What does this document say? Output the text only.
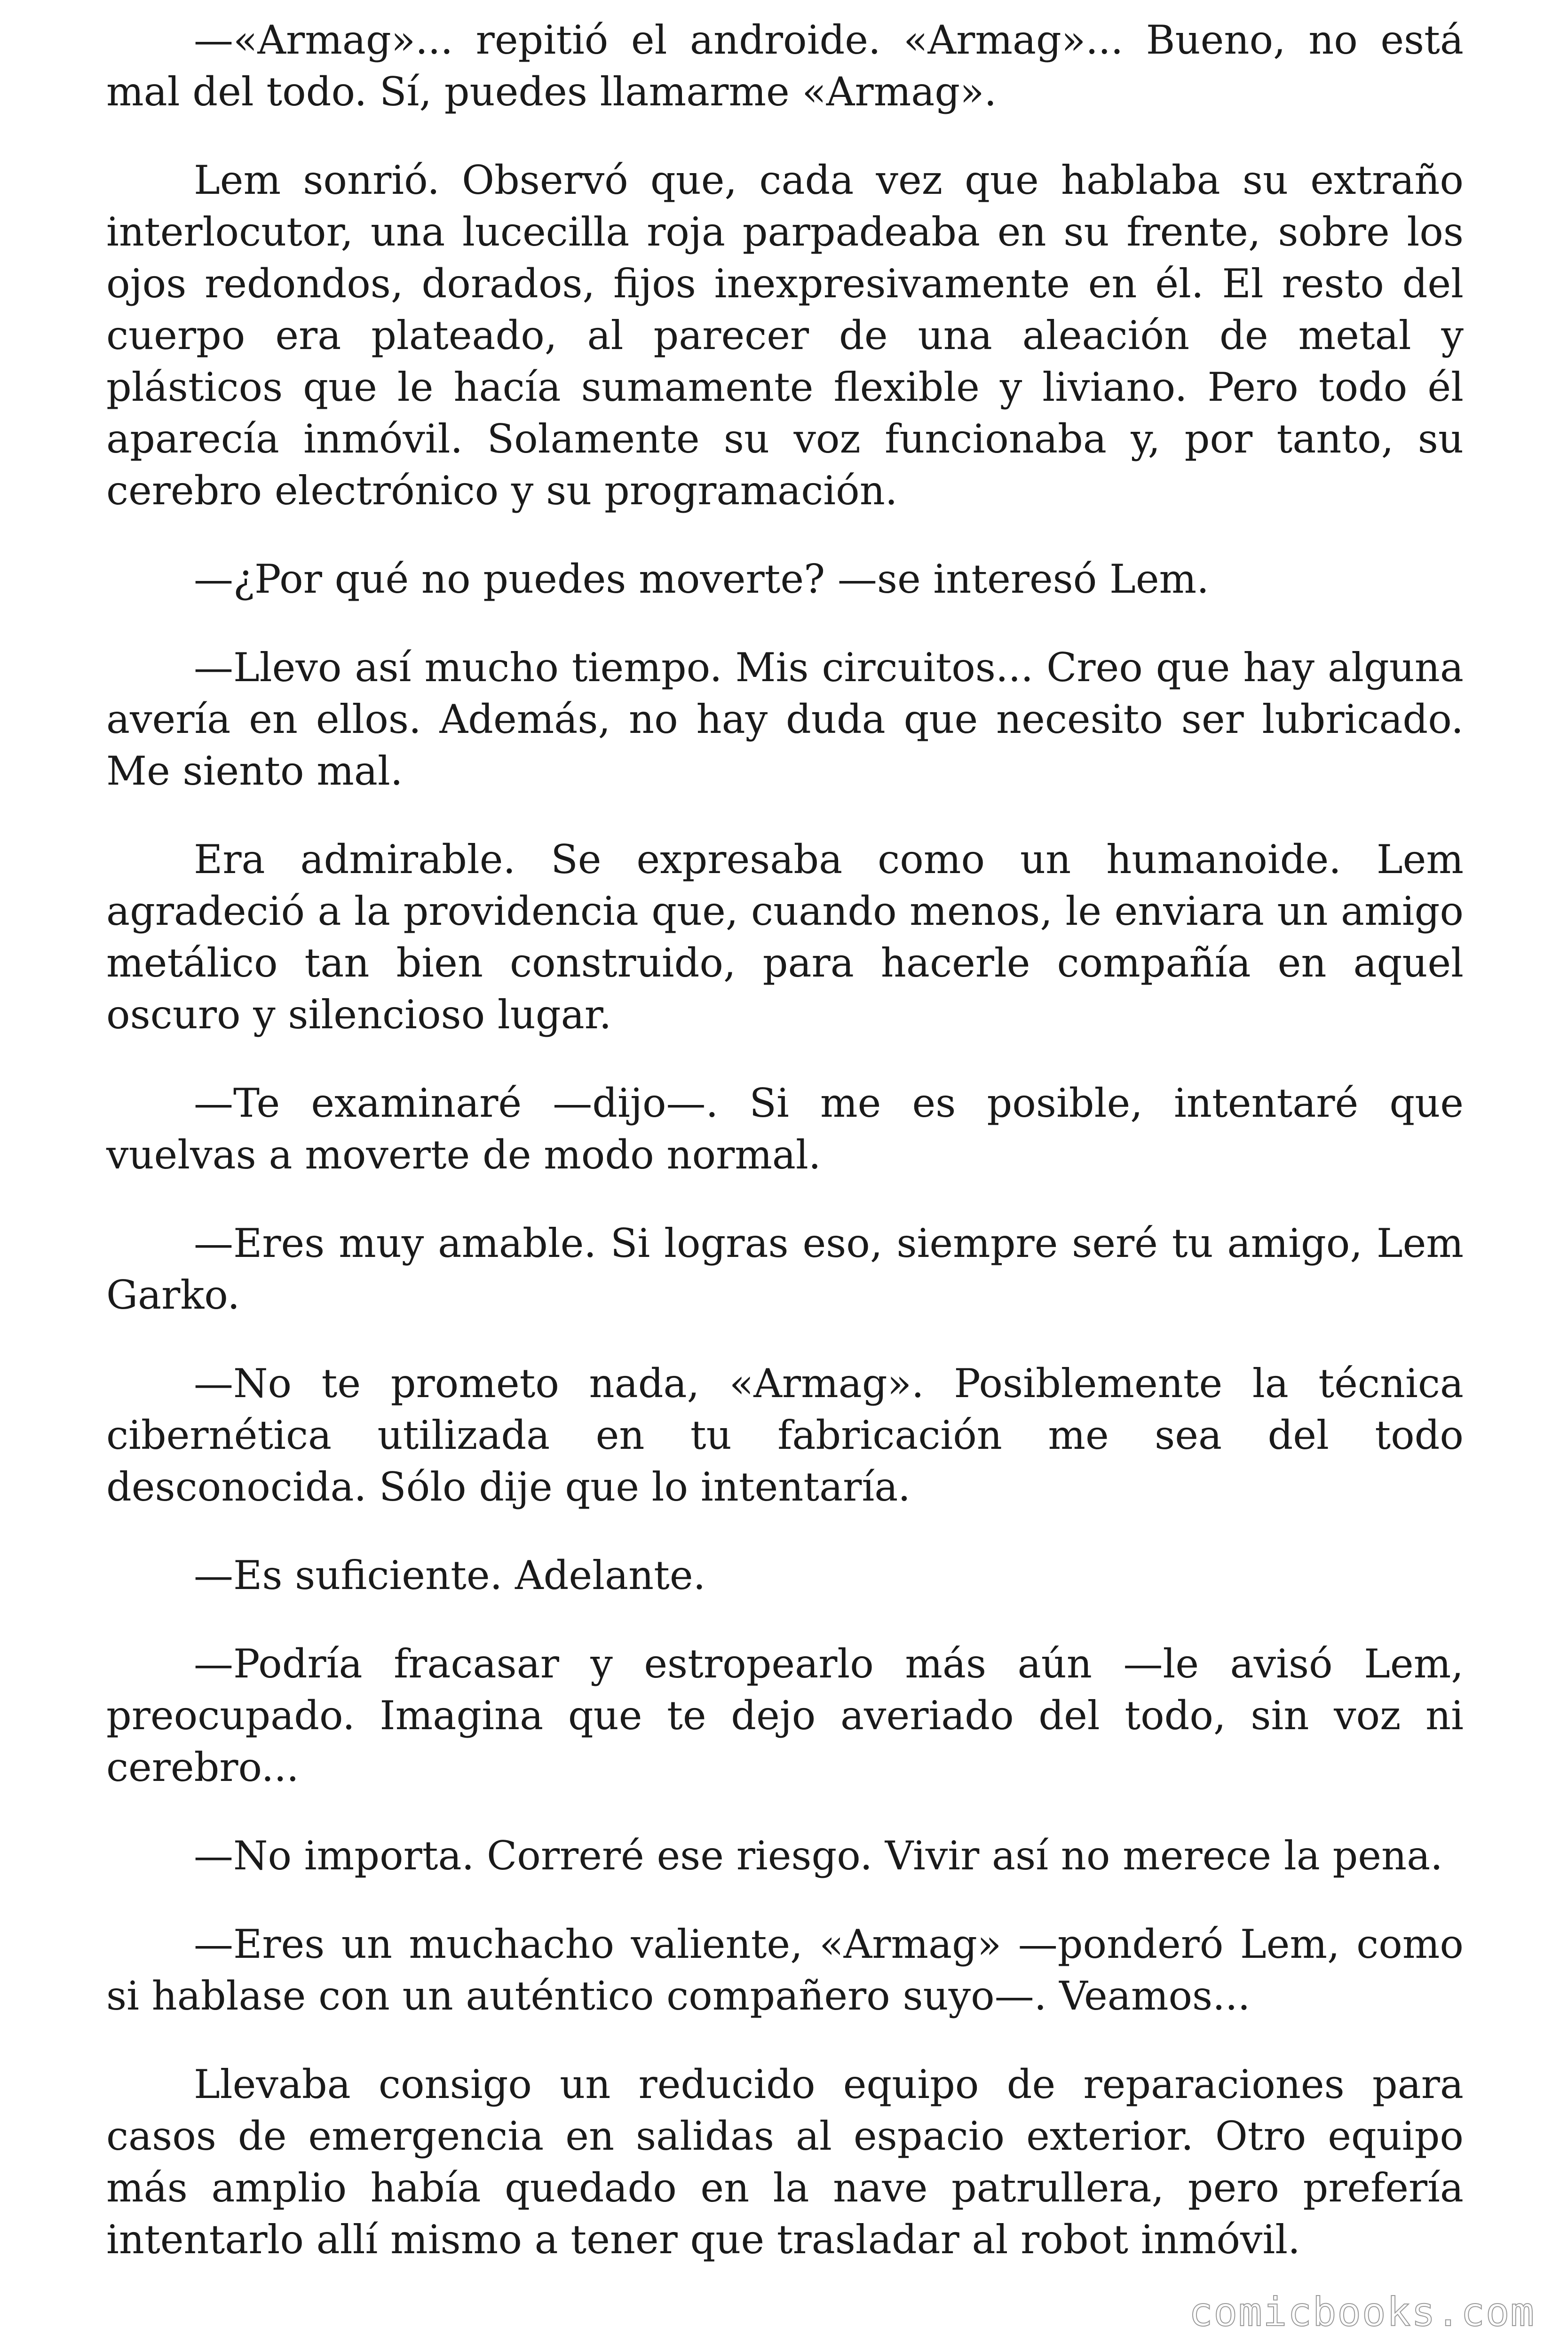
—«Armag»... repitió el androide. «Armag»... Bueno, no está mal del todo. Sí, puedes llamarme «Armag».

Lem sonrió. Observó que, cada vez que hablaba su extraño interlocutor, una lucecilla roja parpadeaba en su frente, sobre los ojos redondos, dorados, fijos inexpresivamente en él. El resto del cuerpo era plateado, al parecer de una aleación de metal y plásticos que le hacía sumamente flexible y liviano. Pero todo él aparecía inmóvil. Solamente su voz funcionaba y, por tanto, su cerebro electrónico y su programación.

—¿Por qué no puedes moverte? —se interesó Lem.

—Llevo así mucho tiempo. Mis circuitos... Creo que hay alguna avería en ellos. Además, no hay duda que necesito ser lubricado. Me siento mal.

Era admirable. Se expresaba como un humanoide. Lem agradeció a la providencia que, cuando menos, le enviara un amigo metálico tan bien construido, para hacerle compañía en aquel oscuro y silencioso lugar.

—Te examinaré —dijo—. Si me es posible, intentaré que vuelvas a moverte de modo normal.

—Eres muy amable. Si logras eso, siempre seré tu amigo, Lem Garko.

—No te prometo nada, «Armag». Posiblemente la técnica cibernética utilizada en tu fabricación me sea del todo desconocida. Sólo dije que lo intentaría.

—Es suficiente. Adelante.

—Podría fracasar y estropearlo más aún —le avisó Lem, preocupado. Imagina que te dejo averiado del todo, sin voz ni cerebro...

—No importa. Correré ese riesgo. Vivir así no merece la pena.

—Eres un muchacho valiente, «Armag» —ponderó Lem, como si hablase con un auténtico compañero suyo—. Veamos...

Llevaba consigo un reducido equipo de reparaciones para casos de emergencia en salidas al espacio exterior. Otro equipo más amplio había quedado en la nave patrullera, pero prefería intentarlo allí mismo a tener que trasladar al robot inmóvil.

comicbooks.com
